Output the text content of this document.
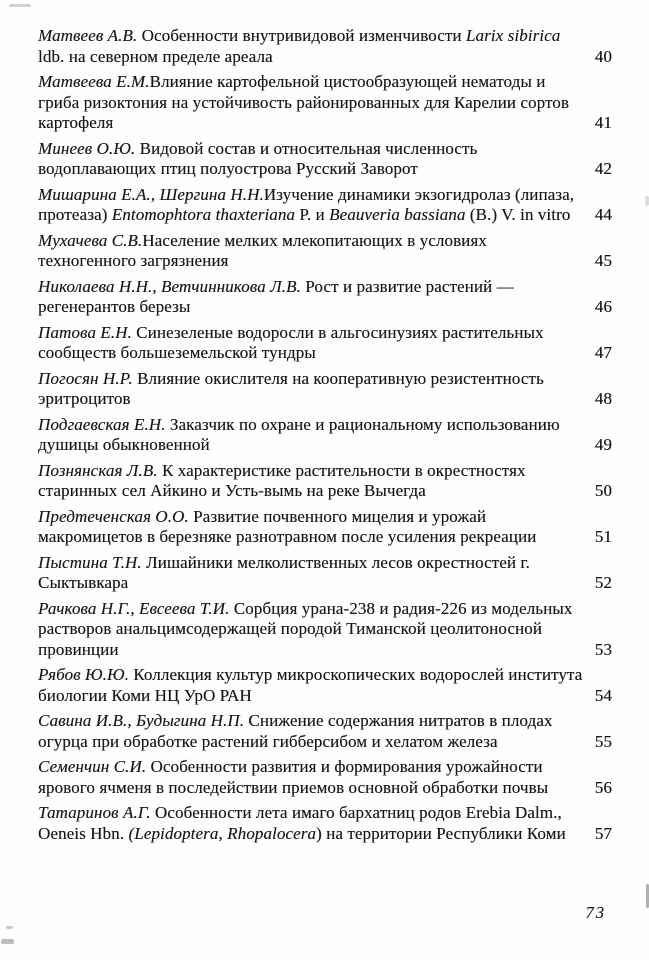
Матвеев А.В. Особенности внутривидовой изменчивости Larix sibirica ldb. на северном пределе ареала	40
Матвеева Е.М.Влияние картофельной цистообразующей нематоды и гриба ризоктония на устойчивость районированных для Карелии сортов картофеля	41
Минеев О.Ю. Видовой состав и относительная численность водоплавающих птиц полуострова Русский Заворот	42
Мишарина Е.А., Шергина Н.Н.Изучение динамики экзогидролаз (липаза, протеаза) Entomophtora thaxteriana Р. и Beauveria bassiana (В.) V. in vitro	44
Мухачева С.В.Население мелких млекопитающих в условиях техногенного загрязнения	45
Николаева Н.Н., Ветчинникова Л.В. Рост и развитие растений — регенерантов березы	46
Патова Е.Н. Синезеленые водоросли в альгосинузиях растительных сообществ большеземельской тундры	47
Погосян Н.Р. Влияние окислителя на кооперативную резистентность эритроцитов	48
Подгаевская Е.Н. Заказчик по охране и рациональному использованию душицы обыкновенной	49
Познянская Л.В. К характеристике растительности в окрестностях старинных сел Айкино и Усть-вымь на реке Вычегда	50
Предтеченская О.О. Развитие почвенного мицелия и урожай макромицетов в березняке разнотравном после усиления рекреации	51
Пыстина Т.Н. Лишайники мелколиственных лесов окрестностей г. Сыктывкара	52
Рачкова Н.Г., Евсеева Т.И. Сорбция урана-238 и радия-226 из модельных растворов анальцимсодержащей породой Тиманской цеолитоносной провинции	53
Рябов Ю.Ю. Коллекция культур микроскопических водорослей института биологии Коми НЦ УрО РАН	54
Савина И.В., Будыгина Н.П. Снижение содержания нитратов в плодах огурца при обработке растений гибберсибом и хелатом железа	55
Семенчин С.И. Особенности развития и формирования урожайности ярового ячменя в последействии приемов основной обработки почвы	56
Татаринов А.Г. Особенности лета имаго бархатниц родов Erebia Dalm., Oeneis Hbn. (Lepidoptera, Rhopalocera) на территории Республики Коми	57
73
